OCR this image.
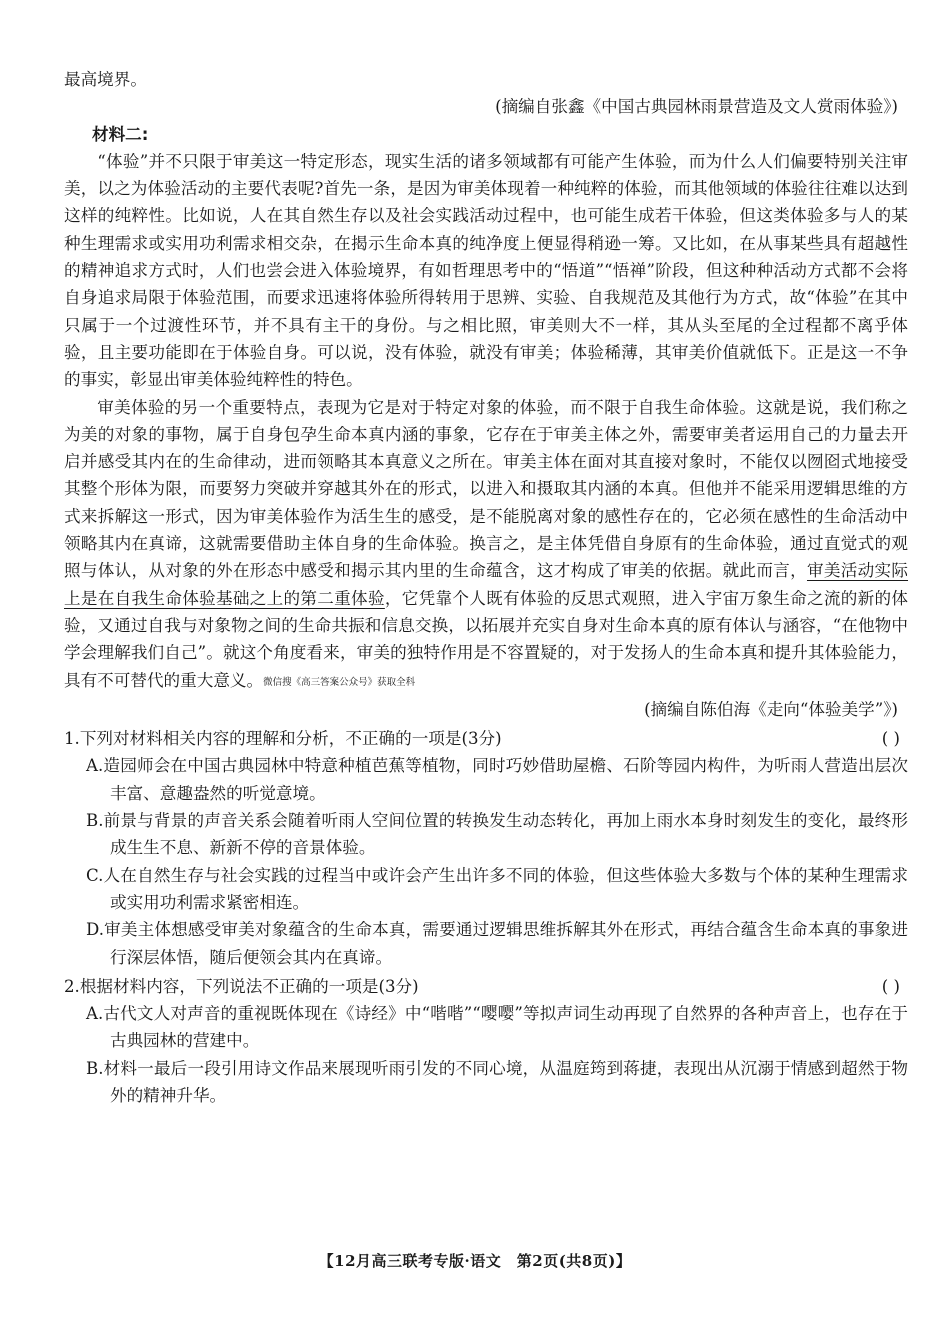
最高境界。

(摘编自张鑫《中国古典园林雨景营造及文人赏雨体验》)

材料二:

“体验”并不只限于审美这一特定形态，现实生活的诸多领域都有可能产生体验，而为什么人们偏要特别关注审美，以之为体验活动的主要代表呢?首先一条，是因为审美体现着一种纯粹的体验，而其他领域的体验往往难以达到这样的纯粹性。比如说，人在其自然生存以及社会实践活动过程中，也可能生成若干体验，但这类体验多与人的某种生理需求或实用功利需求相交杂，在揭示生命本真的纯净度上便显得稍逊一筹。又比如，在从事某些具有超越性的精神追求方式时，人们也尝会进入体验境界，有如哲理思考中的“悟道”“悟禅”阶段，但这种种活动方式都不会将自身追求局限于体验范围，而要求迅速将体验所得转用于思辨、实验、自我规范及其他行为方式，故“体验”在其中只属于一个过渡性环节，并不具有主干的身份。与之相比照，审美则大不一样，其从头至尾的全过程都不离乎体验，且主要功能即在于体验自身。可以说，没有体验，就没有审美；体验稀薄，其审美价值就低下。正是这一不争的事实，彰显出审美体验纯粹性的特色。

审美体验的另一个重要特点，表现为它是对于特定对象的体验，而不限于自我生命体验。这就是说，我们称之为美的对象的事物，属于自身包孕生命本真内涵的事象，它存在于审美主体之外，需要审美者运用自己的力量去开启并感受其内在的生命律动，进而领略其本真意义之所在。审美主体在面对其直接对象时，不能仅以囫囵式地接受其整个形体为限，而要努力突破并穿越其外在的形式，以进入和摄取其内涵的本真。但他并不能采用逻辑思维的方式来拆解这一形式，因为审美体验作为活生生的感受，是不能脱离对象的感性存在的，它必须在感性的生命活动中领略其内在真谛，这就需要借助主体自身的生命体验。换言之，是主体凭借自身原有的生命体验，通过直觉式的观照与体认，从对象的外在形态中感受和揭示其内里的生命蕴含，这才构成了审美的依据。就此而言，审美活动实际上是在自我生命体验基础之上的第二重体验，它凭靠个人既有体验的反思式观照，进入宇宙万象生命之流的新的体验，又通过自我与对象物之间的生命共振和信息交换，以拓展并充实自身对生命本真的原有体认与涵容，“在他物中学会理解我们自己”。就这个角度看来，审美的独特作用是不容置疑的，对于发扬人的生命本真和提升其体验能力，具有不可替代的重大意义。微信搜《高三答案公众号》获取全科

(摘编自陈伯海《走向“体验美学”》)

1.下列对材料相关内容的理解和分析，不正确的一项是(3分)	( )

A.造园师会在中国古典园林中特意种植芭蕉等植物，同时巧妙借助屋檐、石阶等园内构件，为听雨人营造出层次丰富、意趣盎然的听觉意境。

B.前景与背景的声音关系会随着听雨人空间位置的转换发生动态转化，再加上雨水本身时刻发生的变化，最终形成生生不息、新新不停的音景体验。

C.人在自然生存与社会实践的过程当中或许会产生出许多不同的体验，但这些体验大多数与个体的某种生理需求或实用功利需求紧密相连。

D.审美主体想感受审美对象蕴含的生命本真，需要通过逻辑思维拆解其外在形式，再结合蕴含生命本真的事象进行深层体悟，随后便领会其内在真谛。

2.根据材料内容，下列说法不正确的一项是(3分)	( )

A.古代文人对声音的重视既体现在《诗经》中“喈喈”“嘤嘤”等拟声词生动再现了自然界的各种声音上，也存在于古典园林的营建中。

B.材料一最后一段引用诗文作品来展现听雨引发的不同心境，从温庭筠到蒋捷，表现出从沉溺于情感到超然于物外的精神升华。

【12月高三联考专版·语文　第2页(共8页)】
